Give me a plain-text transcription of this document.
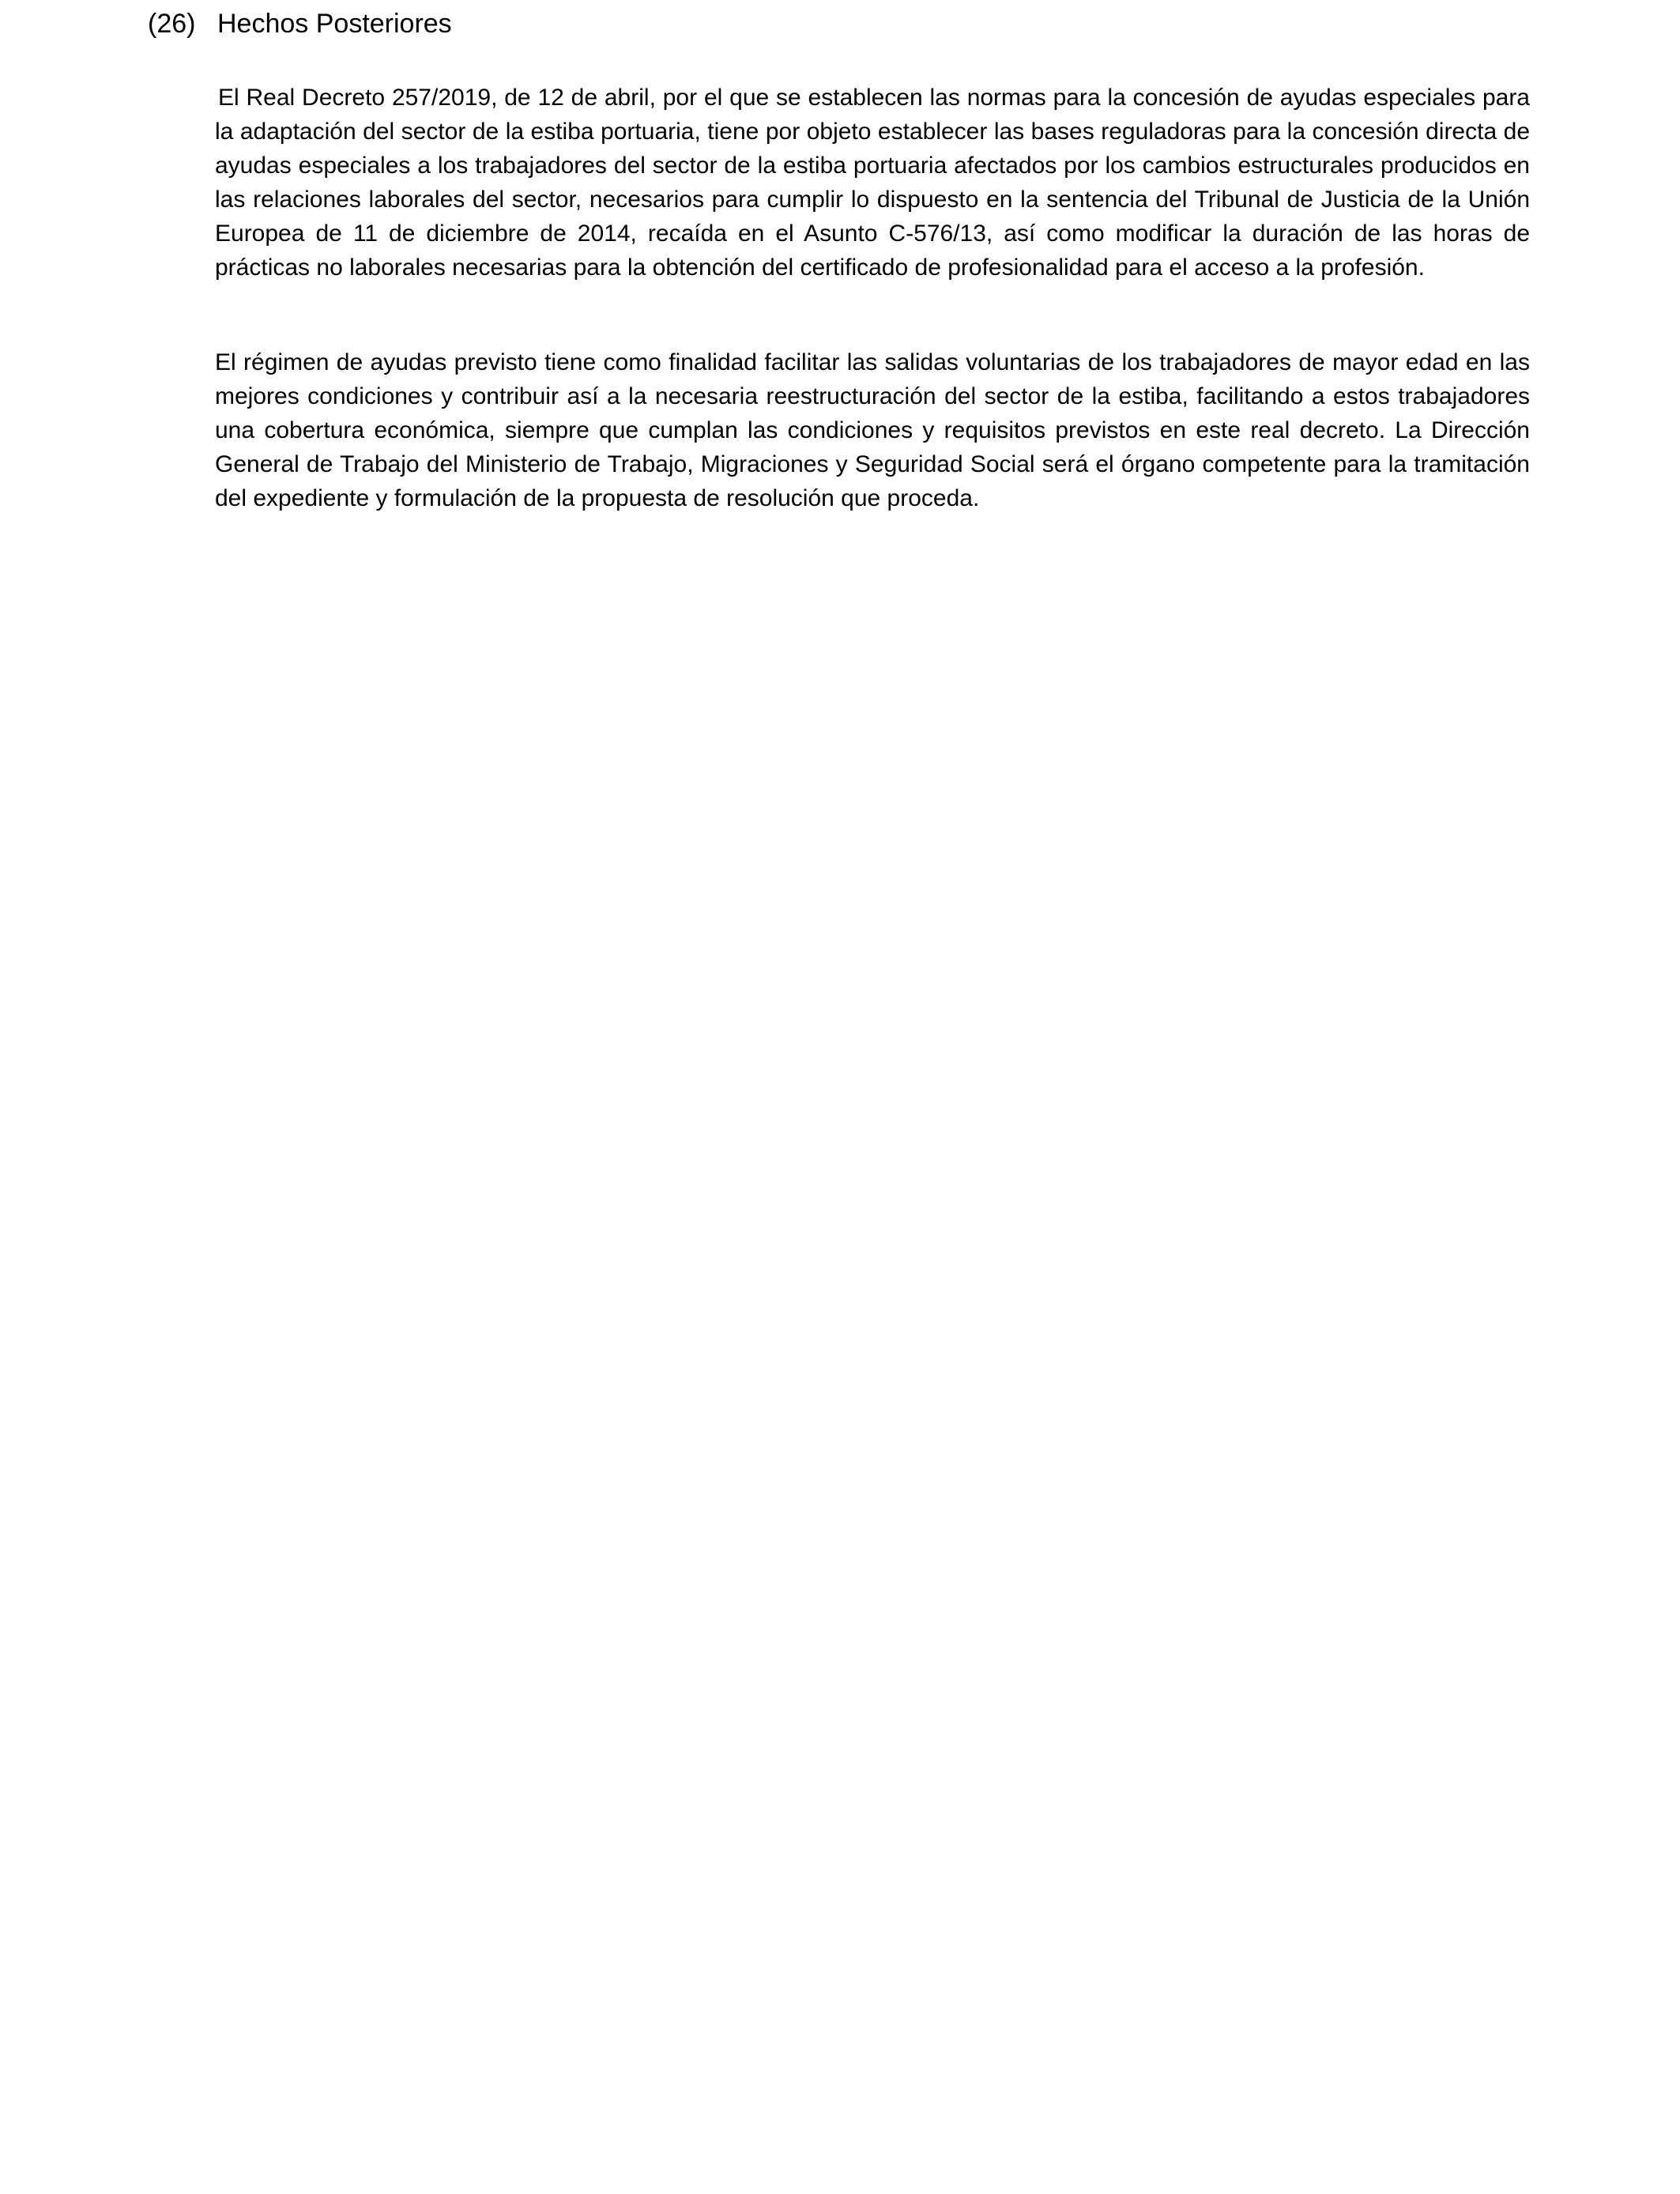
(26) Hechos Posteriores

El Real Decreto 257/2019, de 12 de abril, por el que se establecen las normas para la concesión de ayudas especiales para la adaptación del sector de la estiba portuaria, tiene por objeto establecer las bases reguladoras para la concesión directa de ayudas especiales a los trabajadores del sector de la estiba portuaria afectados por los cambios estructurales producidos en las relaciones laborales del sector, necesarios para cumplir lo dispuesto en la sentencia del Tribunal de Justicia de la Unión Europea de 11 de diciembre de 2014, recaída en el Asunto C-576/13, así como modificar la duración de las horas de prácticas no laborales necesarias para la obtención del certificado de profesionalidad para el acceso a la profesión.

El régimen de ayudas previsto tiene como finalidad facilitar las salidas voluntarias de los trabajadores de mayor edad en las mejores condiciones y contribuir así a la necesaria reestructuración del sector de la estiba, facilitando a estos trabajadores una cobertura económica, siempre que cumplan las condiciones y requisitos previstos en este real decreto. La Dirección General de Trabajo del Ministerio de Trabajo, Migraciones y Seguridad Social será el órgano competente para la tramitación del expediente y formulación de la propuesta de resolución que proceda.
